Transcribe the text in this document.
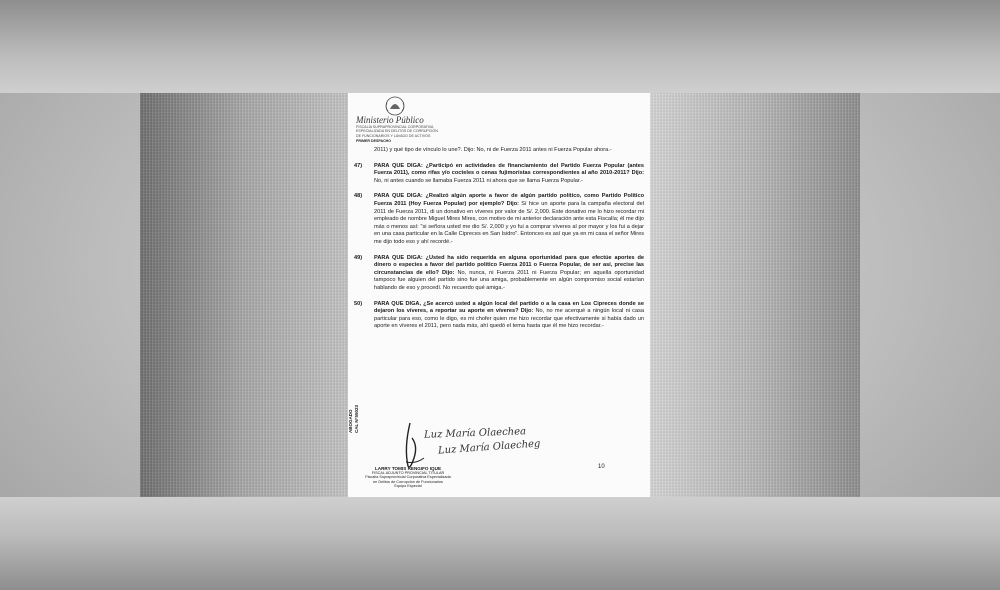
Ministerio Público
FISCALÍA SUPRAPROVINCIAL CORPORATIVA
ESPECIALIZADA EN DELITOS DE CORRUPCIÓN
DE FUNCIONARIOS Y LAVADO DE ACTIVOS
PRIMER DESPACHO
2011) y qué tipo de vínculo lo une?. Dijo: No, ni de Fuerza 2011 antes ni Fuerza Popular ahora.-
47)	PARA QUE DIGA: ¿Participó en actividades de financiamiento del Partido Fuerza Popular (antes Fuerza 2011), como rifas y/o cocteles o cenas fujimoristas correspondientes al año 2010-2011? Dijo: No, ni antes cuando se llamaba Fuerza 2011 ni ahora que se llama Fuerza Popular.-
48)	PARA QUE DIGA: ¿Realizó algún aporte a favor de algún partido político, como Partido Político Fuerza 2011 (Hoy Fuerza Popular) por ejemplo? Dijo: Sí hice un aporte para la campaña electoral del 2011 de Fuerza 2011, di un donativo en víveres por valor de S/. 2,000. Este donativo me lo hizo recordar mi empleado de nombre Miguel Mires Mires, con motivo de mi anterior declaración ante esta Fiscalía; él me dijo más o menos así: "si señora usted me dio S/. 2,000 y yo fui a comprar víveres al por mayor y los fui a dejar en una casa particular en la Calle Cipreces en San Isidro". Entonces es así que ya en mi casa el señor Mires me dijo todo eso y ahí recordé.-
49)	PARA QUE DIGA: ¿Usted ha sido requerida en alguna oportunidad para que efectúe aportes de dinero o especies a favor del partido político Fuerza 2011 o Fuerza Popular, de ser así, precise las circunstancias de ello? Dijo: No, nunca, ni Fuerza 2011 ni Fuerza Popular; en aquella oportunidad tampoco fue alguien del partido sino fue una amiga, probablemente en algún compromiso social estarían hablando de eso y procedí. No recuerdo qué amiga.-
50)	PARA QUE DIGA, ¿Se acercó usted a algún local del partido o a la casa en Los Cipreces donde se dejaron los víveres, a reportar su aporte en víveres? Dijo: No, no me acerqué a ningún local ni casa particular para eso, como le digo, es mi chofer quien me hizo recordar que efectivamente si había dado un aporte en víveres el 2011, pero nada más, ahí quedó el tema hasta que él me hizo recordar.-
ABOGADO CAL N°55023
Luz María Olaechea
Luz María Olaecheg
LARRY TOMIS RENGIFO IQUE
FISCAL ADJUNTO PROVINCIAL TITULAR
Fiscalía Supraprovincial Corporativa Especializada
en Delitos de Corrupción de Funcionarios
Equipo Especial
10
